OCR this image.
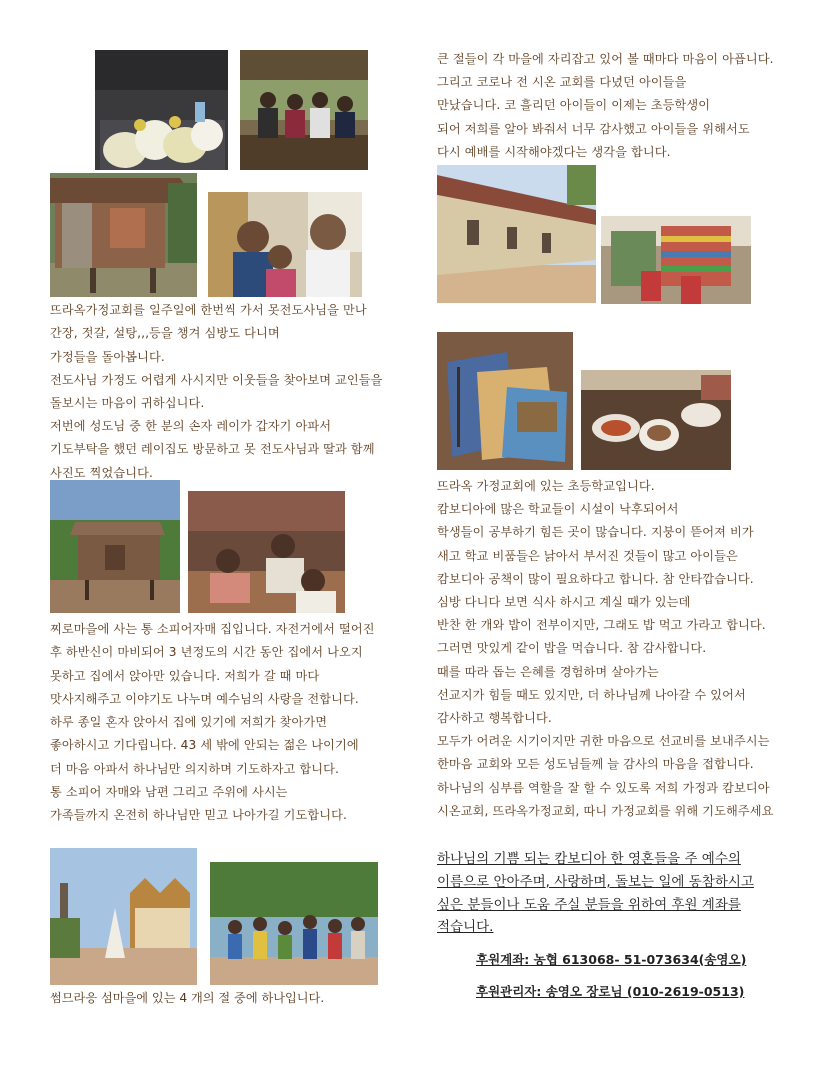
뜨라옥가정교회를 일주일에 한번씩 가서 못전도사님을 만나
간장, 젓갈, 설탕,,,등을 챙겨 심방도 다니며
가정들을 돌아봅니다.
전도사님 가정도 어렵게 사시지만 이웃들을 찾아보며 교인들을
돌보시는 마음이 귀하십니다.
저번에 성도님 중 한 분의 손자 레이가 갑자기 아파서
기도부탁을 했던 레이집도 방문하고 못 전도사님과 딸과 함께
사진도 찍었습니다.
찌로마을에 사는 통 소피어자매 집입니다. 자전거에서 떨어진
후 하반신이 마비되어 3 년정도의 시간 동안 집에서 나오지
못하고 집에서 앉아만 있습니다. 저희가 갈 때 마다
맛사지해주고 이야기도 나누며 예수님의 사랑을 전합니다.
하루 종일 혼자 앉아서 집에 있기에 저희가 찾아가면
좋아하시고 기다립니다. 43 세 밖에 안되는 젊은 나이기에
더 마음 아파서 하나님만 의지하며 기도하자고 합니다.
통 소피어 자매와 남편 그리고 주위에 사시는
가족들까지 온전히 하나님만 믿고 나아가길 기도합니다.
썸므라응 섬마을에 있는 4 개의 절 중에 하나입니다.
큰 절들이 각 마을에 자리잡고 있어 볼 때마다 마음이 아픕니다.
그리고 코로나 전 시온 교회를 다녔던 아이들을
만났습니다. 코 흘리던 아이들이 이제는 초등학생이
되어 저희를 알아 봐줘서 너무 감사했고 아이들을 위해서도
다시 예배를 시작해야겠다는 생각을 합니다.
뜨라옥 가정교회에 있는 초등학교입니다.
캄보디아에 많은 학교들이 시설이 낙후되어서
학생들이 공부하기 힘든 곳이 많습니다. 지붕이 뜯어져 비가
새고 학교 비품들은 낡아서 부서진 것들이 많고 아이들은
캄보디아 공책이 많이 필요하다고 합니다. 참 안타깝습니다.
심방 다니다 보면 식사 하시고 계실 때가 있는데
반찬 한 개와 밥이 전부이지만, 그래도 밥 먹고 가라고 합니다.
그러면 맛있게 같이 밥을 먹습니다. 참 감사합니다.
때를 따라 돕는 은혜를 경험하며 살아가는
선교지가 힘들 때도 있지만, 더 하나님께 나아갈 수 있어서
감사하고 행복합니다.
모두가 어려운 시기이지만 귀한 마음으로 선교비를 보내주시는
한마음 교회와 모든 성도님들께 늘 감사의 마음을 접합니다.
하나님의 심부름 역할을 잘 할 수 있도록 저희 가정과 캄보디아
시온교회, 뜨라옥가정교회, 따니 가정교회를 위해 기도해주세요
하나님의 기쁨 되는 캄보디아 한 영혼들을 주 예수의
이름으로 안아주며, 사랑하며, 돌보는 일에 동참하시고
싶은 분들이나 도움 주실 분들을 위하여 후원 계좌를
적습니다.
후원계좌: 농협 613068- 51-073634(송영오)
후원관리자: 송영오 장로님 (010-2619-0513)
